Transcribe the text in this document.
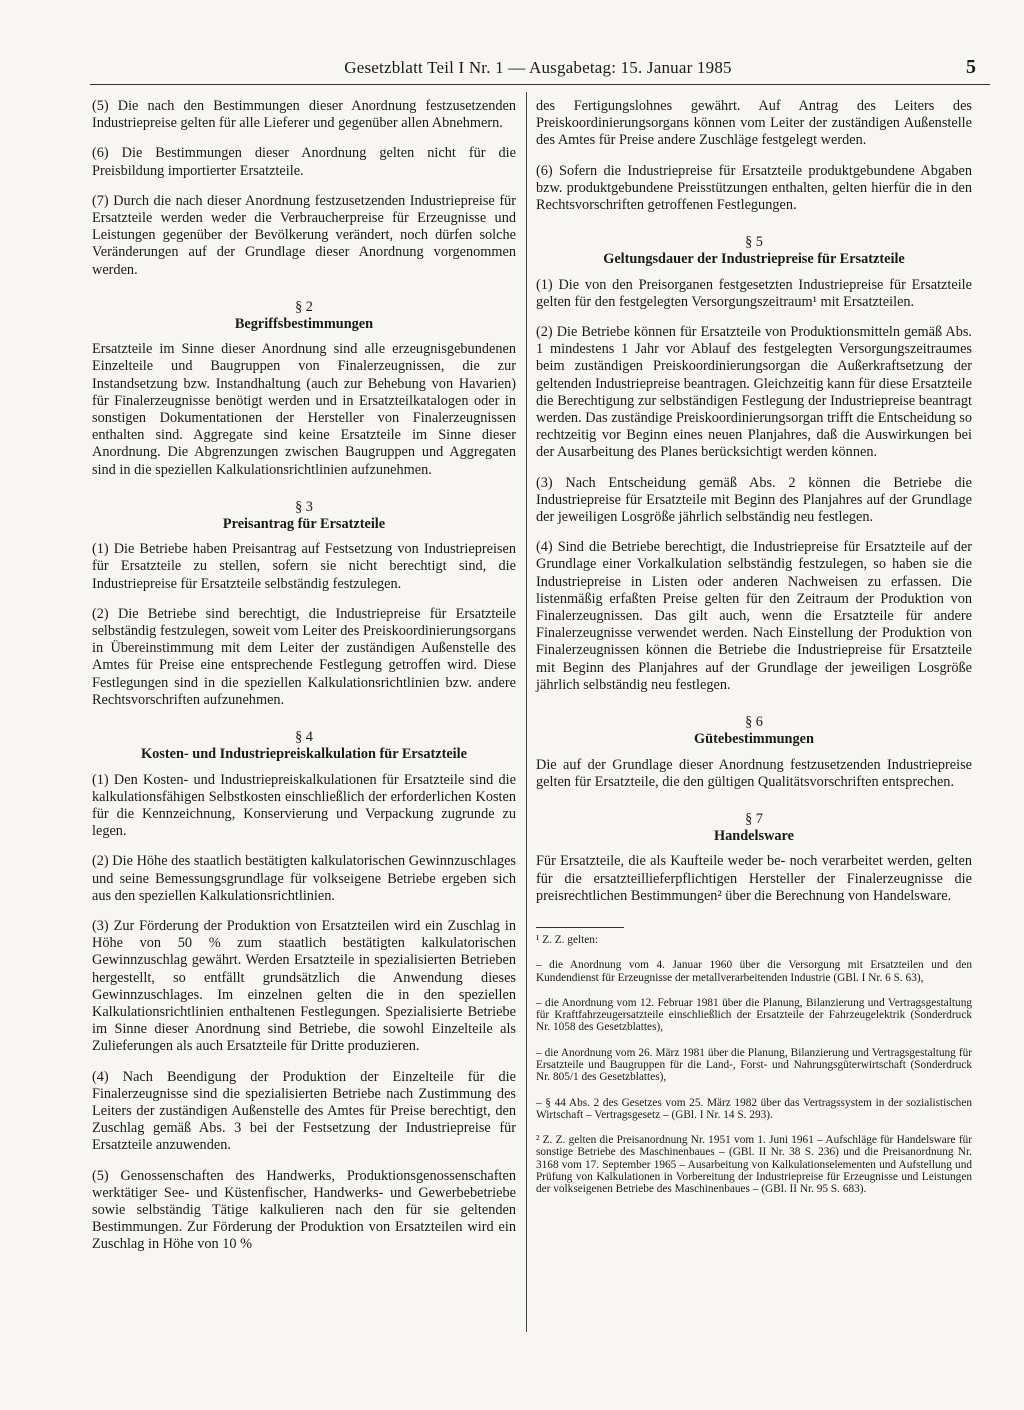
Gesetzblatt Teil I Nr. 1 — Ausgabetag: 15. Januar 1985	5

(5) Die nach den Bestimmungen dieser Anordnung festzusetzenden Industriepreise gelten für alle Lieferer und gegenüber allen Abnehmern.

(6) Die Bestimmungen dieser Anordnung gelten nicht für die Preisbildung importierter Ersatzteile.

(7) Durch die nach dieser Anordnung festzusetzenden Industriepreise für Ersatzteile werden weder die Verbraucherpreise für Erzeugnisse und Leistungen gegenüber der Bevölkerung verändert, noch dürfen solche Veränderungen auf der Grundlage dieser Anordnung vorgenommen werden.

§ 2
Begriffsbestimmungen

Ersatzteile im Sinne dieser Anordnung sind alle erzeugnisgebundenen Einzelteile und Baugruppen von Finalerzeugnissen, die zur Instandsetzung bzw. Instandhaltung (auch zur Behebung von Havarien) für Finalerzeugnisse benötigt werden und in Ersatzteilkatalogen oder in sonstigen Dokumentationen der Hersteller von Finalerzeugnissen enthalten sind. Aggregate sind keine Ersatzteile im Sinne dieser Anordnung. Die Abgrenzungen zwischen Baugruppen und Aggregaten sind in die speziellen Kalkulationsrichtlinien aufzunehmen.

§ 3
Preisantrag für Ersatzteile

(1) Die Betriebe haben Preisantrag auf Festsetzung von Industriepreisen für Ersatzteile zu stellen, sofern sie nicht berechtigt sind, die Industriepreise für Ersatzteile selbständig festzulegen.

(2) Die Betriebe sind berechtigt, die Industriepreise für Ersatzteile selbständig festzulegen, soweit vom Leiter des Preiskoordinierungsorgans in Übereinstimmung mit dem Leiter der zuständigen Außenstelle des Amtes für Preise eine entsprechende Festlegung getroffen wird. Diese Festlegungen sind in die speziellen Kalkulationsrichtlinien bzw. andere Rechtsvorschriften aufzunehmen.

§ 4
Kosten- und Industriepreiskalkulation für Ersatzteile

(1) Den Kosten- und Industriepreiskalkulationen für Ersatzteile sind die kalkulationsfähigen Selbstkosten einschließlich der erforderlichen Kosten für die Kennzeichnung, Konservierung und Verpackung zugrunde zu legen.

(2) Die Höhe des staatlich bestätigten kalkulatorischen Gewinnzuschlages und seine Bemessungsgrundlage für volkseigene Betriebe ergeben sich aus den speziellen Kalkulationsrichtlinien.

(3) Zur Förderung der Produktion von Ersatzteilen wird ein Zuschlag in Höhe von 50 % zum staatlich bestätigten kalkulatorischen Gewinnzuschlag gewährt. Werden Ersatzteile in spezialisierten Betrieben hergestellt, so entfällt grundsätzlich die Anwendung dieses Gewinnzuschlages. Im einzelnen gelten die in den speziellen Kalkulationsrichtlinien enthaltenen Festlegungen. Spezialisierte Betriebe im Sinne dieser Anordnung sind Betriebe, die sowohl Einzelteile als Zulieferungen als auch Ersatzteile für Dritte produzieren.

(4) Nach Beendigung der Produktion der Einzelteile für die Finalerzeugnisse sind die spezialisierten Betriebe nach Zustimmung des Leiters der zuständigen Außenstelle des Amtes für Preise berechtigt, den Zuschlag gemäß Abs. 3 bei der Festsetzung der Industriepreise für Ersatzteile anzuwenden.

(5) Genossenschaften des Handwerks, Produktionsgenossenschaften werktätiger See- und Küstenfischer, Handwerks- und Gewerbebetriebe sowie selbständig Tätige kalkulieren nach den für sie geltenden Bestimmungen. Zur Förderung der Produktion von Ersatzteilen wird ein Zuschlag in Höhe von 10 %

des Fertigungslohnes gewährt. Auf Antrag des Leiters des Preiskoordinierungsorgans können vom Leiter der zuständigen Außenstelle des Amtes für Preise andere Zuschläge festgelegt werden.

(6) Sofern die Industriepreise für Ersatzteile produktgebundene Abgaben bzw. produktgebundene Preisstützungen enthalten, gelten hierfür die in den Rechtsvorschriften getroffenen Festlegungen.

§ 5
Geltungsdauer der Industriepreise für Ersatzteile

(1) Die von den Preisorganen festgesetzten Industriepreise für Ersatzteile gelten für den festgelegten Versorgungszeitraum¹ mit Ersatzteilen.

(2) Die Betriebe können für Ersatzteile von Produktionsmitteln gemäß Abs. 1 mindestens 1 Jahr vor Ablauf des festgelegten Versorgungszeitraumes beim zuständigen Preiskoordinierungsorgan die Außerkraftsetzung der geltenden Industriepreise beantragen. Gleichzeitig kann für diese Ersatzteile die Berechtigung zur selbständigen Festlegung der Industriepreise beantragt werden. Das zuständige Preiskoordinierungsorgan trifft die Entscheidung so rechtzeitig vor Beginn eines neuen Planjahres, daß die Auswirkungen bei der Ausarbeitung des Planes berücksichtigt werden können.

(3) Nach Entscheidung gemäß Abs. 2 können die Betriebe die Industriepreise für Ersatzteile mit Beginn des Planjahres auf der Grundlage der jeweiligen Losgröße jährlich selbständig neu festlegen.

(4) Sind die Betriebe berechtigt, die Industriepreise für Ersatzteile auf der Grundlage einer Vorkalkulation selbständig festzulegen, so haben sie die Industriepreise in Listen oder anderen Nachweisen zu erfassen. Die listenmäßig erfaßten Preise gelten für den Zeitraum der Produktion von Finalerzeugnissen. Das gilt auch, wenn die Ersatzteile für andere Finalerzeugnisse verwendet werden. Nach Einstellung der Produktion von Finalerzeugnissen können die Betriebe die Industriepreise für Ersatzteile mit Beginn des Planjahres auf der Grundlage der jeweiligen Losgröße jährlich selbständig neu festlegen.

§ 6
Gütebestimmungen

Die auf der Grundlage dieser Anordnung festzusetzenden Industriepreise gelten für Ersatzteile, die den gültigen Qualitätsvorschriften entsprechen.

§ 7
Handelsware

Für Ersatzteile, die als Kaufteile weder be- noch verarbeitet werden, gelten für die ersatzteillieferpflichtigen Hersteller der Finalerzeugnisse die preisrechtlichen Bestimmungen² über die Berechnung von Handelsware.

¹ Z. Z. gelten:

– die Anordnung vom 4. Januar 1960 über die Versorgung mit Ersatzteilen und den Kundendienst für Erzeugnisse der metallverarbeitenden Industrie (GBl. I Nr. 6 S. 63),

– die Anordnung vom 12. Februar 1981 über die Planung, Bilanzierung und Vertragsgestaltung für Kraftfahrzeugersatzteile einschließlich der Ersatzteile der Fahrzeugelektrik (Sonderdruck Nr. 1058 des Gesetzblattes),

– die Anordnung vom 26. März 1981 über die Planung, Bilanzierung und Vertragsgestaltung für Ersatzteile und Baugruppen für die Land-, Forst- und Nahrungsgüterwirtschaft (Sonderdruck Nr. 805/1 des Gesetzblattes),

– § 44 Abs. 2 des Gesetzes vom 25. März 1982 über das Vertragssystem in der sozialistischen Wirtschaft – Vertragsgesetz – (GBl. I Nr. 14 S. 293).

² Z. Z. gelten die Preisanordnung Nr. 1951 vom 1. Juni 1961 – Aufschläge für Handelsware für sonstige Betriebe des Maschinenbaues – (GBl. II Nr. 38 S. 236) und die Preisanordnung Nr. 3168 vom 17. September 1965 – Ausarbeitung von Kalkulationselementen und Aufstellung und Prüfung von Kalkulationen in Vorbereitung der Industriepreise für Erzeugnisse und Leistungen der volkseigenen Betriebe des Maschinenbaues – (GBl. II Nr. 95 S. 683).
